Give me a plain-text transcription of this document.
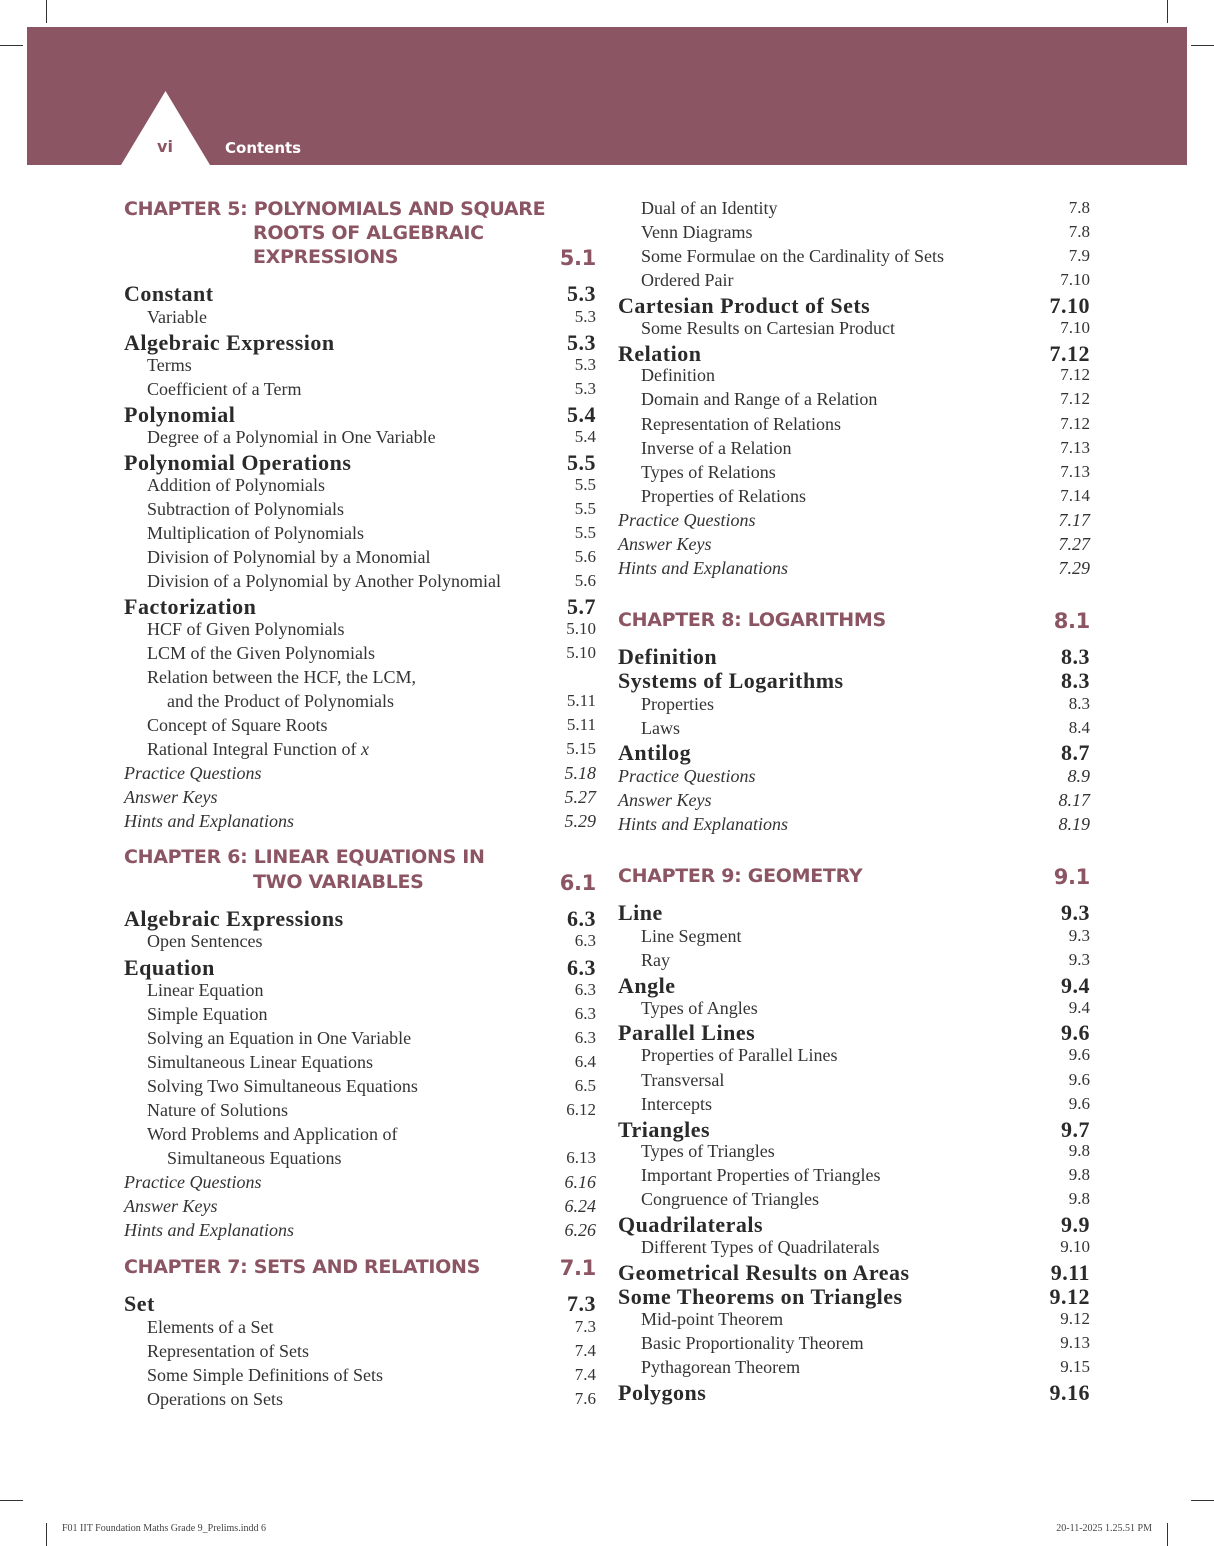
vi	Contents
CHAPTER 5: POLYNOMIALS AND SQUARE
ROOTS OF ALGEBRAIC
EXPRESSIONS	5.1
Constant	5.3
Variable	5.3
Algebraic Expression	5.3
Terms	5.3
Coefficient of a Term	5.3
Polynomial	5.4
Degree of a Polynomial in One Variable	5.4
Polynomial Operations	5.5
Addition of Polynomials	5.5
Subtraction of Polynomials	5.5
Multiplication of Polynomials	5.5
Division of Polynomial by a Monomial	5.6
Division of a Polynomial by Another Polynomial	5.6
Factorization	5.7
HCF of Given Polynomials	5.10
LCM of the Given Polynomials	5.10
Relation between the HCF, the LCM,
and the Product of Polynomials	5.11
Concept of Square Roots	5.11
Rational Integral Function of x	5.15
Practice Questions	5.18
Answer Keys	5.27
Hints and Explanations	5.29
CHAPTER 6: LINEAR EQUATIONS IN
TWO VARIABLES	6.1
Algebraic Expressions	6.3
Open Sentences	6.3
Equation	6.3
Linear Equation	6.3
Simple Equation	6.3
Solving an Equation in One Variable	6.3
Simultaneous Linear Equations	6.4
Solving Two Simultaneous Equations	6.5
Nature of Solutions	6.12
Word Problems and Application of
Simultaneous Equations	6.13
Practice Questions	6.16
Answer Keys	6.24
Hints and Explanations	6.26
CHAPTER 7: SETS AND RELATIONS	7.1
Set	7.3
Elements of a Set	7.3
Representation of Sets	7.4
Some Simple Definitions of Sets	7.4
Operations on Sets	7.6
Dual of an Identity	7.8
Venn Diagrams	7.8
Some Formulae on the Cardinality of Sets	7.9
Ordered Pair	7.10
Cartesian Product of Sets	7.10
Some Results on Cartesian Product	7.10
Relation	7.12
Definition	7.12
Domain and Range of a Relation	7.12
Representation of Relations	7.12
Inverse of a Relation	7.13
Types of Relations	7.13
Properties of Relations	7.14
Practice Questions	7.17
Answer Keys	7.27
Hints and Explanations	7.29
CHAPTER 8: LOGARITHMS	8.1
Definition	8.3
Systems of Logarithms	8.3
Properties	8.3
Laws	8.4
Antilog	8.7
Practice Questions	8.9
Answer Keys	8.17
Hints and Explanations	8.19
CHAPTER 9: GEOMETRY	9.1
Line	9.3
Line Segment	9.3
Ray	9.3
Angle	9.4
Types of Angles	9.4
Parallel Lines	9.6
Properties of Parallel Lines	9.6
Transversal	9.6
Intercepts	9.6
Triangles	9.7
Types of Triangles	9.8
Important Properties of Triangles	9.8
Congruence of Triangles	9.8
Quadrilaterals	9.9
Different Types of Quadrilaterals	9.10
Geometrical Results on Areas	9.11
Some Theorems on Triangles	9.12
Mid-point Theorem	9.12
Basic Proportionality Theorem	9.13
Pythagorean Theorem	9.15
Polygons	9.16
F01 IIT Foundation Maths Grade 9_Prelims.indd 6	20-11-2025 1.25.51 PM
